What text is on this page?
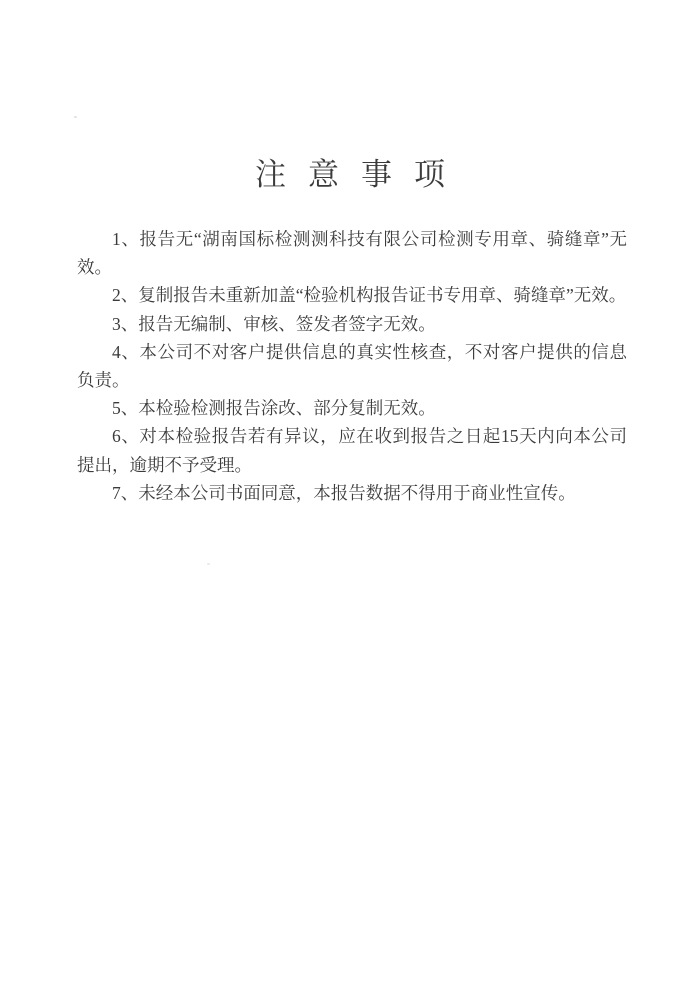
注意事项

1、报告无“湖南国标检测测科技有限公司检测专用章、骑缝章”无效。

2、复制报告未重新加盖“检验机构报告证书专用章、骑缝章”无效。

3、报告无编制、审核、签发者签字无效。

4、本公司不对客户提供信息的真实性核查，不对客户提供的信息负责。

5、本检验检测报告涂改、部分复制无效。

6、对本检验报告若有异议，应在收到报告之日起15天内向本公司提出，逾期不予受理。

7、未经本公司书面同意，本报告数据不得用于商业性宣传。
